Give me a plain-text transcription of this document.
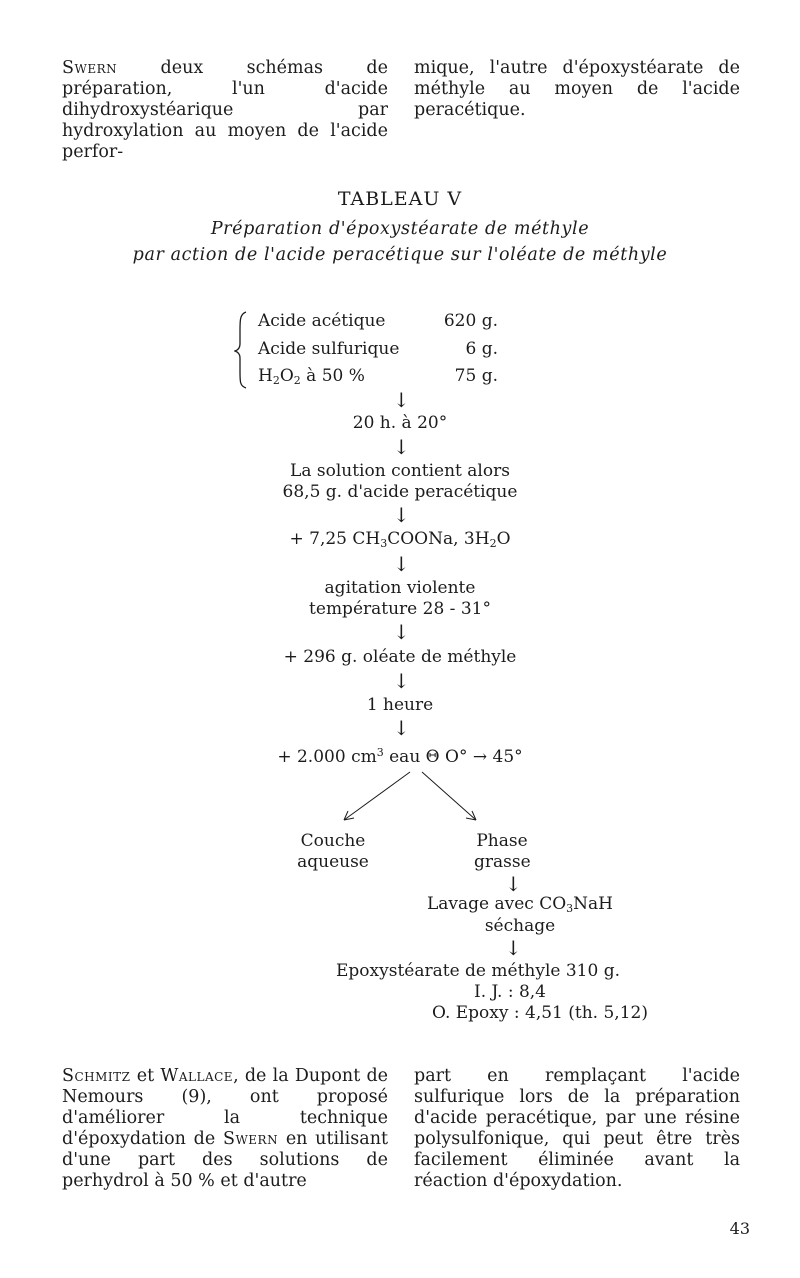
Swern deux schémas de préparation, l'un d'acide dihydroxystéarique par hydroxylation au moyen de l'acide perfor-

mique, l'autre d'époxystéarate de méthyle au moyen de l'acide peracétique.

TABLEAU V
Préparation d'époxystéarate de méthyle
par action de l'acide peracétique sur l'oléate de méthyle
Acide acétique	620 g.
Acide sulfurique	6 g.
$H_2O_2$ à 50 %	75 g.
↓
20 h. à 20°
↓
La solution contient alors
68,5 g. d'acide peracétique
↓
+ 7,25 $CH_3COONa$, $3H_2O$
↓
agitation violente
température 28 - 31°
↓
+ 296 g. oléate de méthyle
↓
1 heure
↓
+ 2.000 $cm^3$ eau Θ O° → 45°
Couche
aqueuse
Phase
grasse
↓
Lavage avec $CO_3NaH$
séchage
↓
Epoxystéarate de méthyle 310 g.
I. J. : 8,4
O. Epoxy : 4,51 (th. 5,12)

Schmitz et Wallace, de la Dupont de Nemours (9), ont proposé d'améliorer la technique d'époxydation de Swern en utilisant d'une part des solutions de perhydrol à 50 % et d'autre

part en remplaçant l'acide sulfurique lors de la préparation d'acide peracétique, par une résine polysulfonique, qui peut être très facilement éliminée avant la réaction d'époxydation.

43
